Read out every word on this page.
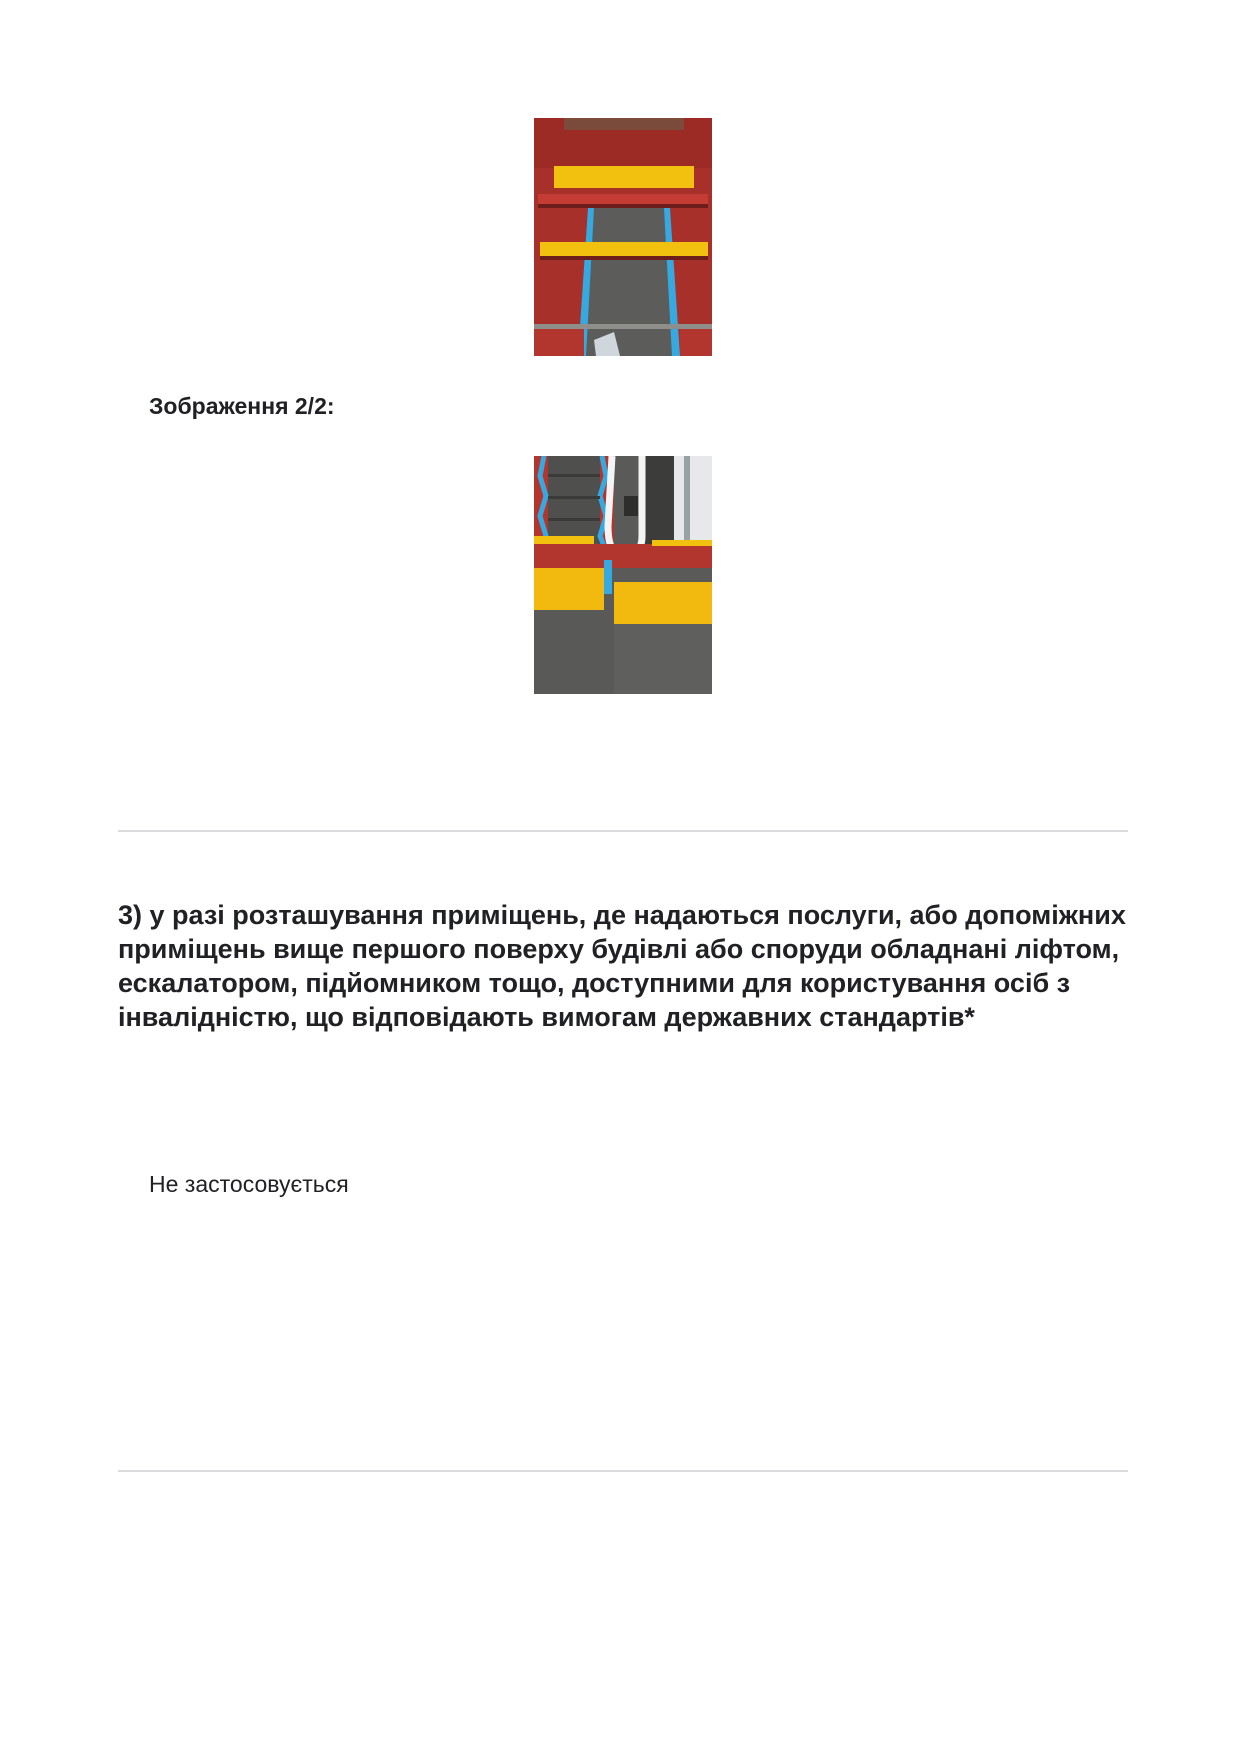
Зображення 2/2:
3) у разі розташування приміщень, де надаються послуги, або допоміжних приміщень вище першого поверху будівлі або споруди обладнані ліфтом, ескалатором, підйомником тощо, доступними для користування осіб з інвалідністю, що відповідають вимогам державних стандартів*
Не застосовується
